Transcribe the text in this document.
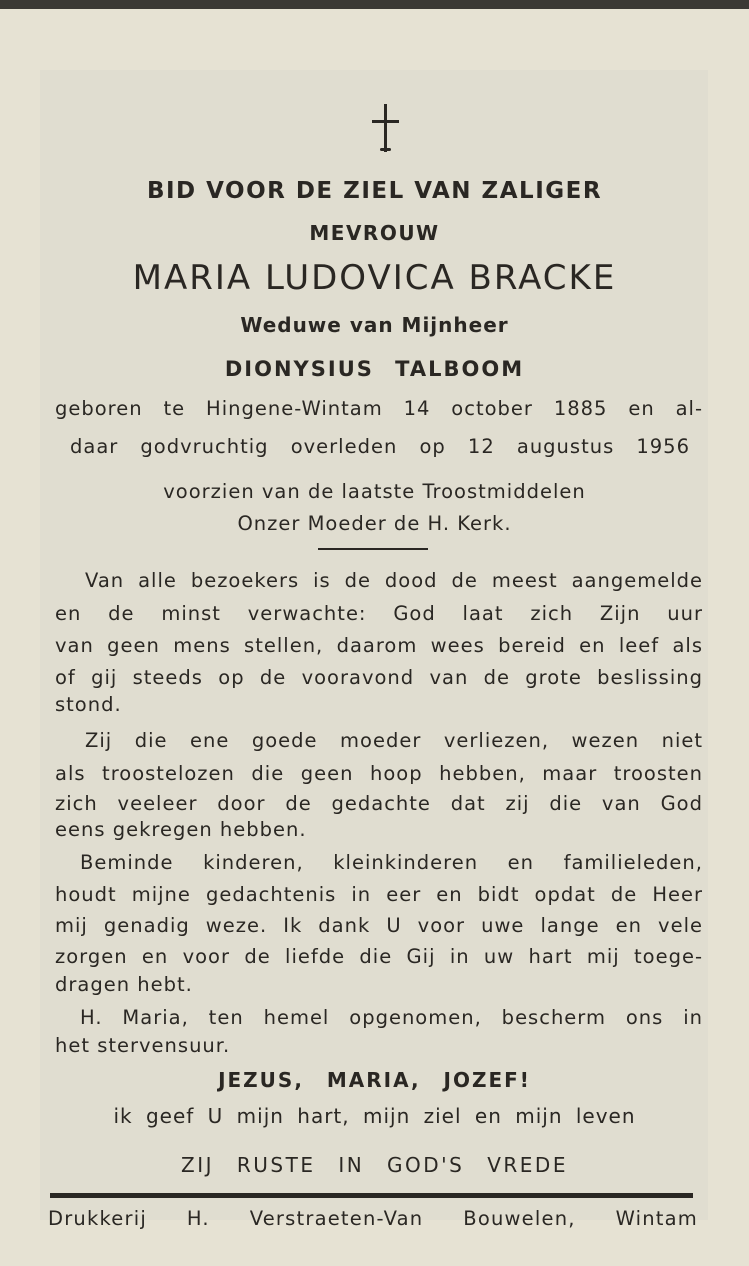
BID VOOR DE ZIEL VAN ZALIGER
MEVROUW
MARIA LUDOVICA BRACKE
Weduwe van Mijnheer
DIONYSIUS TALBOOM
geboren te Hingene-Wintam 14 october 1885 en al-
daar godvruchtig overleden op 12 augustus 1956
voorzien van de laatste Troostmiddelen
Onzer Moeder de H. Kerk.
Van alle bezoekers is de dood de meest aangemelde
en de minst verwachte: God laat zich Zijn uur
van geen mens stellen, daarom wees bereid en leef als
of gij steeds op de vooravond van de grote beslissing
stond.
Zij die ene goede moeder verliezen, wezen niet
als troostelozen die geen hoop hebben, maar troosten
zich veeleer door de gedachte dat zij die van God
eens gekregen hebben.
Beminde kinderen, kleinkinderen en familieleden,
houdt mijne gedachtenis in eer en bidt opdat de Heer
mij genadig weze. Ik dank U voor uwe lange en vele
zorgen en voor de liefde die Gij in uw hart mij toege-
dragen hebt.
H. Maria, ten hemel opgenomen, bescherm ons in
het stervensuur.
JEZUS, MARIA, JOZEF!
ik geef U mijn hart, mijn ziel en mijn leven
ZIJ RUSTE IN GOD'S VREDE
Drukkerij H. Verstraeten-Van Bouwelen, Wintam
